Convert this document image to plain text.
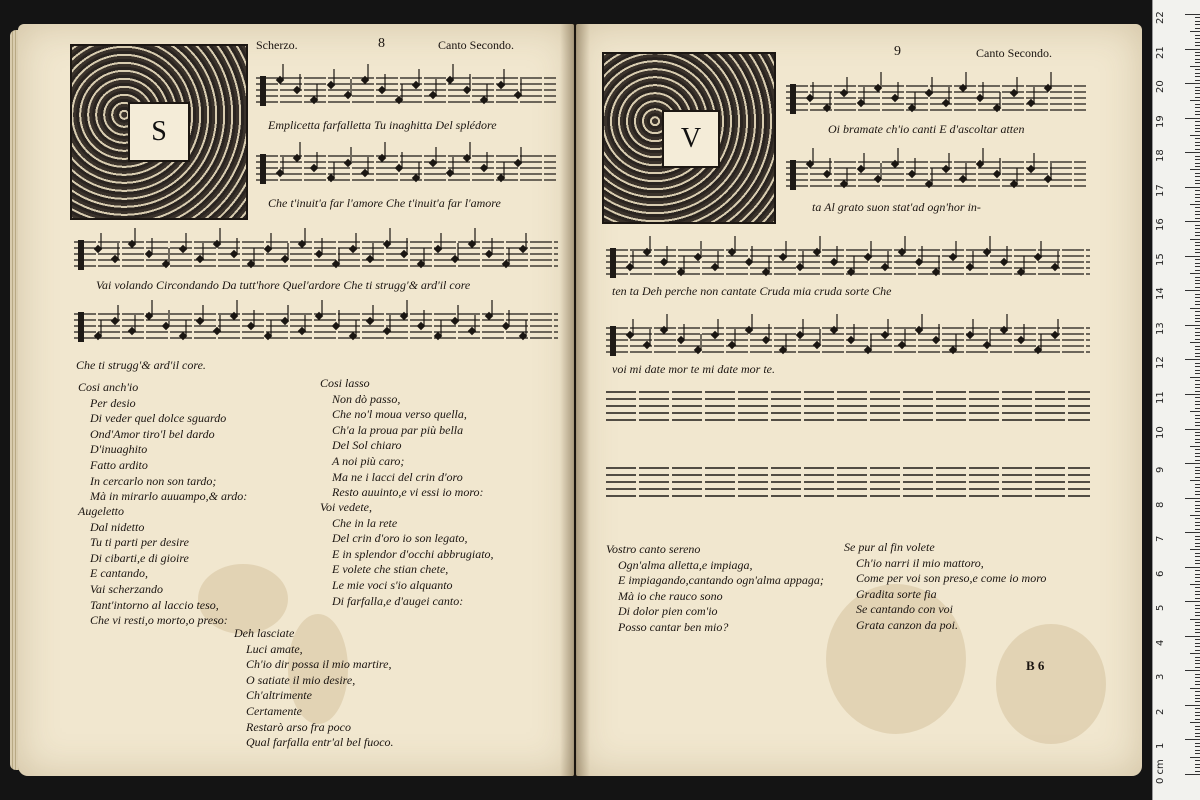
Scherzo.	8	Canto Secondo.
S	Emplicetta farfalletta Tu inaghitta Del splédore
Che t'inuit'a far l'amore Che t'inuit'a far l'amore
Vai volando Circondando Da tutt'hore Quel'ardore Che ti strugg'& ard'il core
Che ti strugg'& ard'il core.
Cosi anch'io
Per desio
Di veder quel dolce sguardo
Ond'Amor tiro'l bel dardo
D'inuaghito
Fatto ardito
In cercarlo non son tardo;
Mà in mirarlo auuampo,& ardo:
Cosi lasso
Non dò passo,
Che no'l moua verso quella,
Ch'a la proua par più bella
Del Sol chiaro
A noi più caro;
Ma ne i lacci del crin d'oro
Resto auuinto,e vi essi io moro:
Augeletto
Dal nidetto
Tu ti parti per desire
Di cibarti,e di gioire
E cantando,
Vai scherzando
Tant'intorno al laccio teso,
Che vi resti,o morto,o preso:
Voi vedete,
Che in la rete
Del crin d'oro io son legato,
E in splendor d'occhi abbrugiato,
E volete che stian chete,
Le mie voci s'io alquanto
Di farfalla,e d'augei canto:
Deh lasciate
Luci amate,
Ch'io dir possa il mio martire,
O satiate il mio desire,
Ch'altrimente
Certamente
Restarò arso fra poco
Qual farfalla entr'al bel fuoco.
9	Canto Secondo.
V	Oi bramate ch'io canti E d'ascoltar atten
ta Al grato suon stat'ad ogn'hor in-
ten ta Deh perche non cantate Cruda mia cruda sorte Che
voi mi date mor te mi date mor te.
Vostro canto sereno
Ogn'alma alletta,e impiaga,
E impiagando,cantando ogn'alma appaga;
Mà io che rauco sono
Di dolor pien com'io
Posso cantar ben mio?
Se pur al fin volete
Ch'io narri il mio mattoro,
Come per voi son preso,e come io moro
Gradita sorte fia
Se cantando con voi
Grata canzon da poi.
B 6
22
21
20
19
18
17
16
15
14
13
12
11
10
9
8
7
6
5
4
3
2
1
0 cm
